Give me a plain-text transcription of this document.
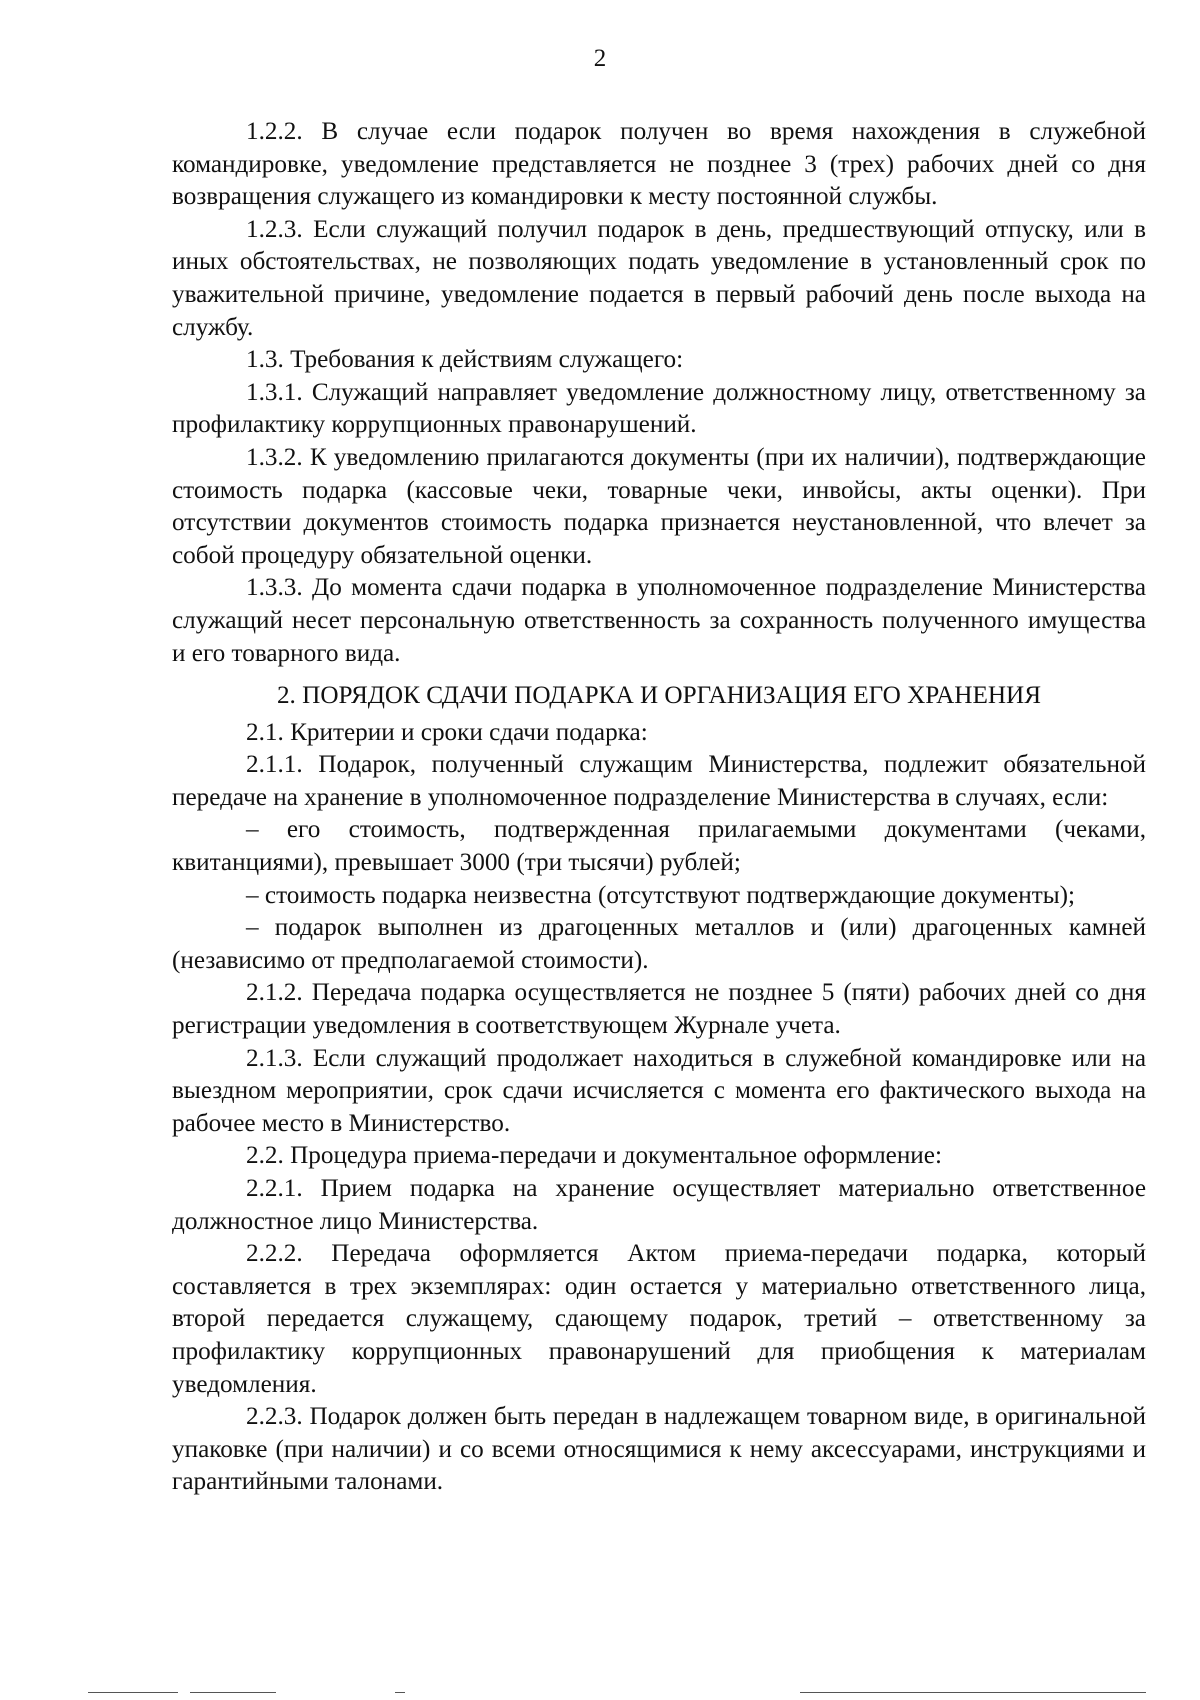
2

1.2.2. В случае если подарок получен во время нахождения в служебной командировке, уведомление представляется не позднее 3 (трех) рабочих дней со дня возвращения служащего из командировки к месту постоянной службы.

1.2.3. Если служащий получил подарок в день, предшествующий отпуску, или в иных обстоятельствах, не позволяющих подать уведомление в установленный срок по уважительной причине, уведомление подается в первый рабочий день после выхода на службу.

1.3. Требования к действиям служащего:

1.3.1. Служащий направляет уведомление должностному лицу, ответственному за профилактику коррупционных правонарушений.

1.3.2. К уведомлению прилагаются документы (при их наличии), подтверждающие стоимость подарка (кассовые чеки, товарные чеки, инвойсы, акты оценки). При отсутствии документов стоимость подарка признается неустановленной, что влечет за собой процедуру обязательной оценки.

1.3.3. До момента сдачи подарка в уполномоченное подразделение Министерства служащий несет персональную ответственность за сохранность полученного имущества и его товарного вида.

2. ПОРЯДОК СДАЧИ ПОДАРКА И ОРГАНИЗАЦИЯ ЕГО ХРАНЕНИЯ

2.1. Критерии и сроки сдачи подарка:

2.1.1. Подарок, полученный служащим Министерства, подлежит обязательной передаче на хранение в уполномоченное подразделение Министерства в случаях, если:

– его стоимость, подтвержденная прилагаемыми документами (чеками, квитанциями), превышает 3000 (три тысячи) рублей;

– стоимость подарка неизвестна (отсутствуют подтверждающие документы);

– подарок выполнен из драгоценных металлов и (или) драгоценных камней (независимо от предполагаемой стоимости).

2.1.2. Передача подарка осуществляется не позднее 5 (пяти) рабочих дней со дня регистрации уведомления в соответствующем Журнале учета.

2.1.3. Если служащий продолжает находиться в служебной командировке или на выездном мероприятии, срок сдачи исчисляется с момента его фактического выхода на рабочее место в Министерство.

2.2. Процедура приема-передачи и документальное оформление:

2.2.1. Прием подарка на хранение осуществляет материально ответственное должностное лицо Министерства.

2.2.2. Передача оформляется Актом приема-передачи подарка, который составляется в трех экземплярах: один остается у материально ответственного лица, второй передается служащему, сдающему подарок, третий – ответственному за профилактику коррупционных правонарушений для приобщения к материалам уведомления.

2.2.3. Подарок должен быть передан в надлежащем товарном виде, в оригинальной упаковке (при наличии) и со всеми относящимися к нему аксессуарами, инструкциями и гарантийными талонами.
